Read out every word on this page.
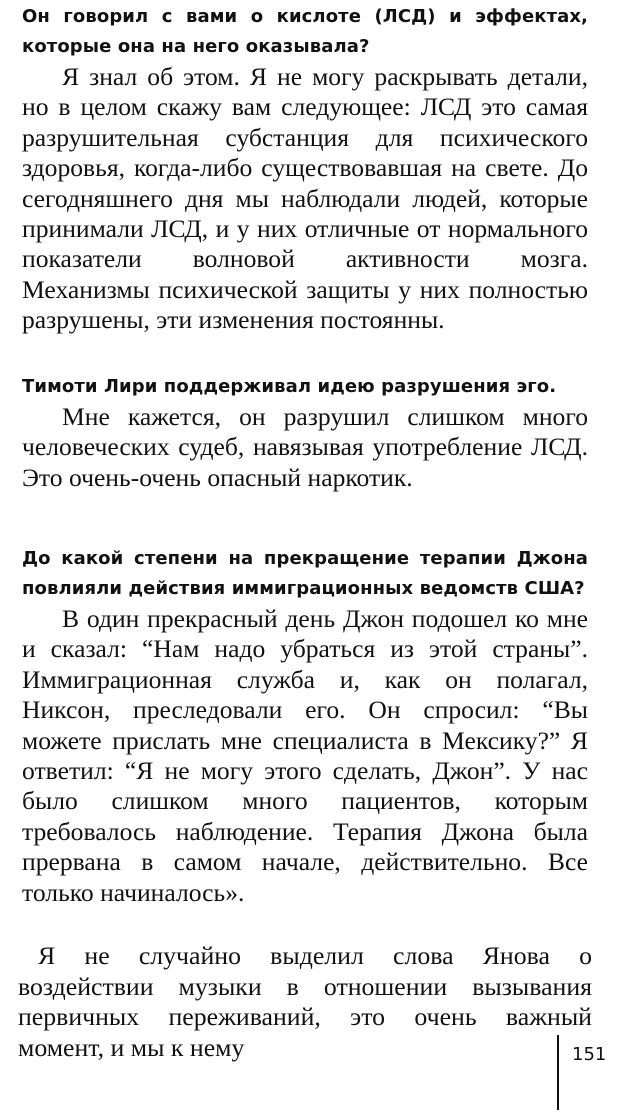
Он говорил с вами о кислоте (ЛСД) и эффектах, которые она на него оказывала?

Я знал об этом. Я не могу раскрывать детали, но в целом скажу вам следующее: ЛСД это самая разрушительная субстанция для психического здоровья, когда-либо существовавшая на свете. До сегодняшнего дня мы наблюдали людей, которые принимали ЛСД, и у них отличные от нормального показатели волновой активности мозга. Механизмы психической защиты у них полностью разрушены, эти изменения постоянны.

Тимоти Лири поддерживал идею разрушения эго.

Мне кажется, он разрушил слишком много человеческих судеб, навязывая употребление ЛСД. Это очень-очень опасный наркотик.

До какой степени на прекращение терапии Джона повлияли действия иммиграционных ведомств США?

В один прекрасный день Джон подошел ко мне и сказал: “Нам надо убраться из этой страны”. Иммиграционная служба и, как он полагал, Никсон, преследовали его. Он спросил: “Вы можете прислать мне специалиста в Мексику?” Я ответил: “Я не могу этого сделать, Джон”. У нас было слишком много пациентов, которым требовалось наблюдение. Терапия Джона была прервана в самом начале, действительно. Все только начиналось».

Я не случайно выделил слова Янова о воздействии музыки в отношении вызывания первичных переживаний, это очень важный момент, и мы к нему	151
